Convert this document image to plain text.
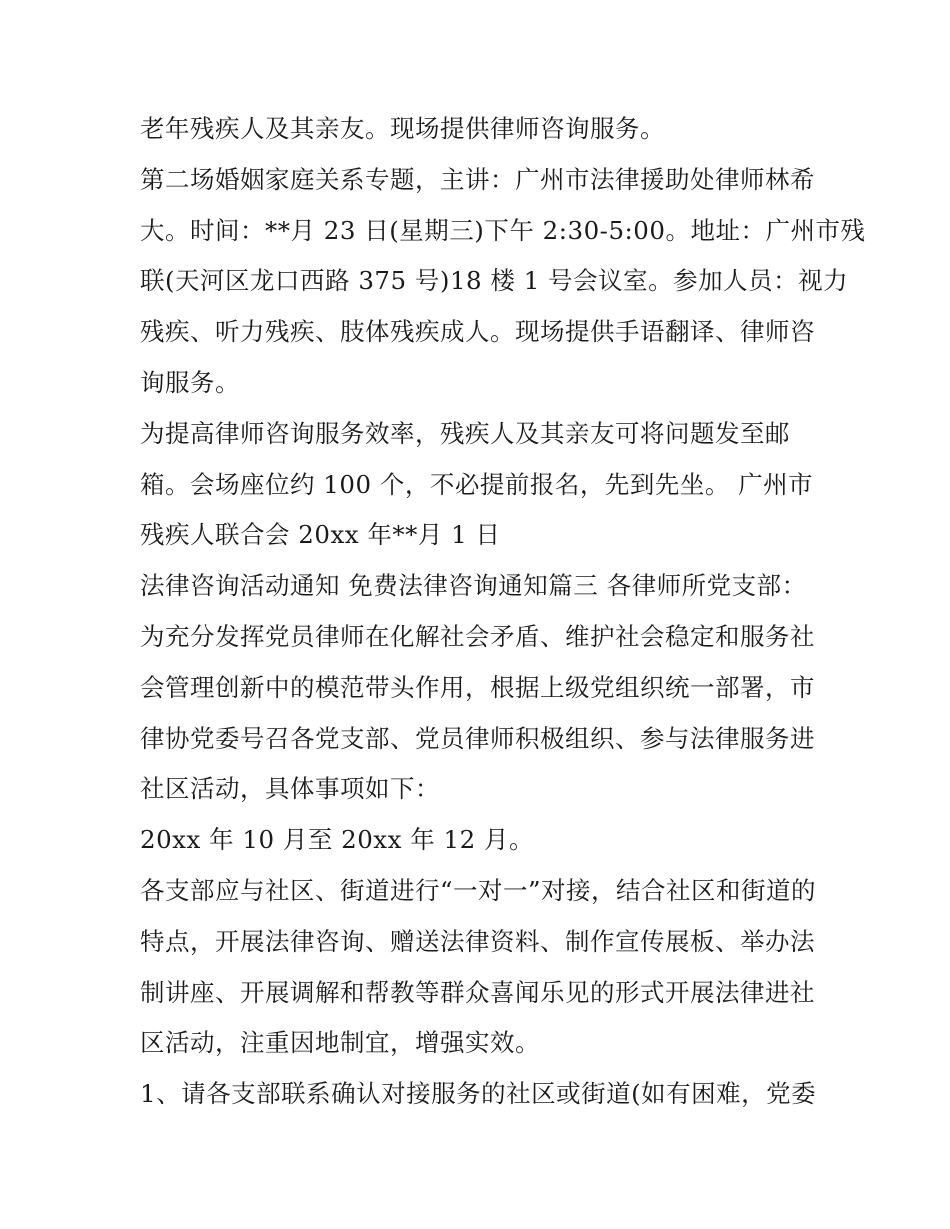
老年残疾人及其亲友。现场提供律师咨询服务。
第二场婚姻家庭关系专题，主讲：广州市法律援助处律师林希
大。时间：**月 23 日(星期三)下午 2:30-5:00。地址：广州市残
联(天河区龙口西路 375 号)18 楼 1 号会议室。参加人员：视力
残疾、听力残疾、肢体残疾成人。现场提供手语翻译、律师咨
询服务。
为提高律师咨询服务效率，残疾人及其亲友可将问题发至邮
箱。会场座位约 100 个，不必提前报名，先到先坐。 广州市
残疾人联合会 20xx 年**月 1 日
法律咨询活动通知 免费法律咨询通知篇三 各律师所党支部：
为充分发挥党员律师在化解社会矛盾、维护社会稳定和服务社
会管理创新中的模范带头作用，根据上级党组织统一部署，市
律协党委号召各党支部、党员律师积极组织、参与法律服务进
社区活动，具体事项如下：
20xx 年 10 月至 20xx 年 12 月。
各支部应与社区、街道进行“一对一”对接，结合社区和街道的
特点，开展法律咨询、赠送法律资料、制作宣传展板、举办法
制讲座、开展调解和帮教等群众喜闻乐见的形式开展法律进社
区活动，注重因地制宜，增强实效。
1、请各支部联系确认对接服务的社区或街道(如有困难，党委
